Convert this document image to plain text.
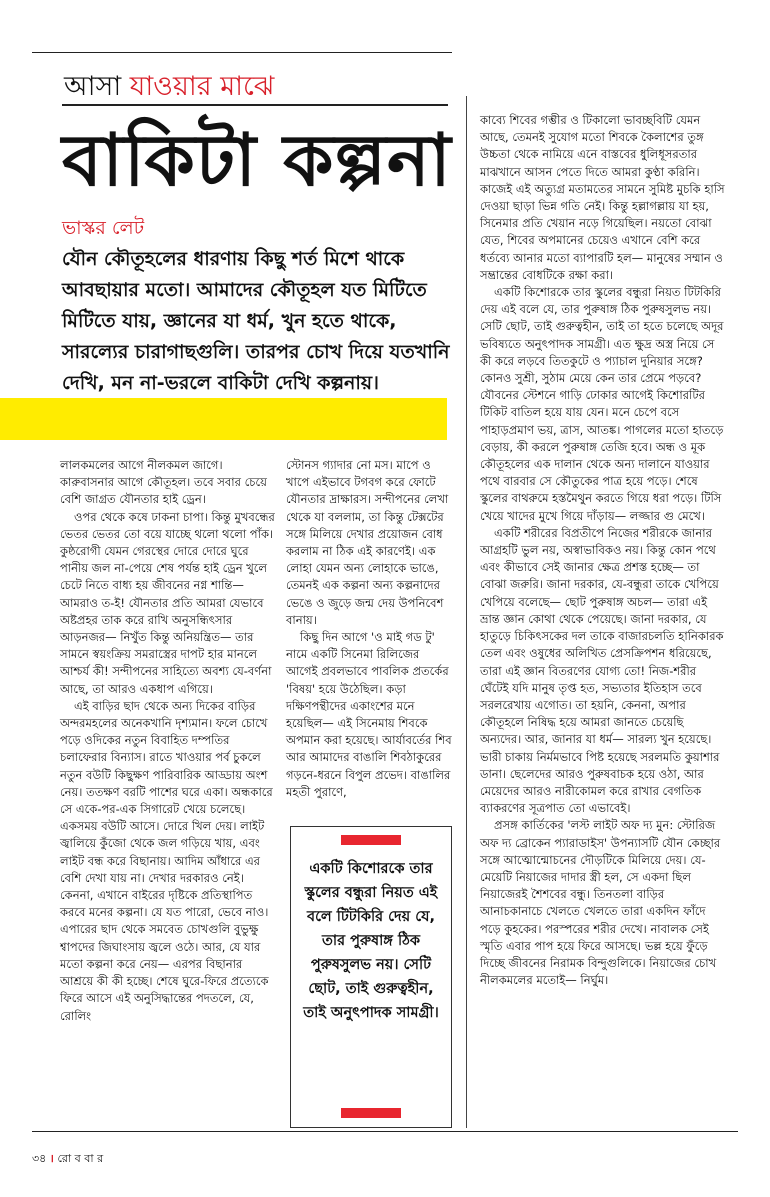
আসা যাওয়ার মাঝে
বাকিটা কল্পনা
ভাস্কর লেট
যৌন কৌতূহলের ধারণায় কিছু শর্ত মিশে থাকে আবছায়ার মতো। আমাদের কৌতূহল যত মিটিতে মিটিতে যায়, জ্ঞানের যা ধর্ম, খুন হতে থাকে, সারল্যের চারাগাছগুলি। তারপর চোখ দিয়ে যতখানি দেখি, মন না-ভরলে বাকিটা দেখি কল্পনায়।

লালকমলের আগে নীলকমল জাগে। কারুবাসনার আগে কৌতূহল। তবে সবার চেয়ে বেশি জাগ্রত যৌনতার হাই ড্রেন।

ওপর থেকে কষে ঢাকনা চাপা। কিন্তু মুখবন্ধের ভেতর ভেতর তো বয়ে যাচ্ছে থলো থলো পাঁক। কুষ্ঠরোগী যেমন গেরস্থের দোরে দোরে ঘুরে পানীয় জল না-পেয়ে শেষ পর্যন্ত হাই ড্রেন খুলে চেটে নিতে বাধ্য হয় জীবনের নগ্ন শান্তি— আমরাও ত-ই! যৌনতার প্রতি আমরা যেভাবে অষ্টপ্রহর তাক করে রাখি অনুসন্ধিৎসার আড়নজর— নিখুঁত কিন্তু অনিয়ন্ত্রিত— তার সামনে স্বয়ংক্রিয় সমরাস্ত্রের দাপট হার মানলে আশ্চর্য কী! সন্দীপনের সাহিত্যে অবশ্য যে-বর্ণনা আছে, তা আরও একধাপ এগিয়ে।

এই বাড়ির ছাদ থেকে অন্য দিকের বাড়ির অন্দরমহলের অনেকখানি দৃশ্যমান। ফলে চোখে পড়ে ওদিকের নতুন বিবাহিত দম্পতির চলাফেরার বিন্যাস। রাতে খাওয়ার পর্ব চুকলে নতুন বউটি কিছুক্ষণ পারিবারিক আড্ডায় অংশ নেয়। ততক্ষণ বরটি পাশের ঘরে একা। অন্ধকারে সে একে-পর-এক সিগারেট খেয়ে চলেছে। একসময় বউটি আসে। দোরে খিল দেয়। লাইট জ্বালিয়ে কুঁজো থেকে জল গড়িয়ে খায়, এবং লাইট বন্ধ করে বিছানায়। আদিম আঁধারে এর বেশি দেখা যায় না। দেখার দরকারও নেই। কেননা, এখানে বাইরের দৃষ্টিকে প্রতিস্থাপিত করবে মনের কল্পনা। যে যত পারো, ভেবে নাও। এপারের ছাদ থেকে সমবেত চোখগুলি বুভুক্ষু শ্বাপদের জিঘাংসায় জ্বলে ওঠে। আর, যে যার মতো কল্পনা করে নেয়— এরপর বিছানার আশ্রয়ে কী কী হচ্ছে। শেষে ঘুরে-ফিরে প্রত্যেকে ফিরে আসে এই অনুসিদ্ধান্তের পদতলে, যে, রোলিং

স্টোনস গ্যাদার নো মস। মাপে ও খাপে এইভাবে টগবগ করে ফোটে যৌনতার দ্রাক্ষারস। সন্দীপনের লেখা থেকে যা বললাম, তা কিন্তু টেক্সটের সঙ্গে মিলিয়ে দেখার প্রয়োজন বোধ করলাম না ঠিক এই কারণেই। এক লোহা যেমন অন্য লোহাকে ভাঙে, তেমনই এক কল্পনা অন্য কল্পনাদের ভেঙে ও জুড়ে জন্ম দেয় উপনিবেশ বানায়।

কিছু দিন আগে 'ও মাই গড টু' নামে একটি সিনেমা রিলিজের আগেই প্রবলভাবে পাবলিক প্রতর্কের 'বিষয়' হয়ে উঠেছিল। কড়া দক্ষিণপন্থীদের একাংশের মনে হয়েছিল— এই সিনেমায় শিবকে অপমান করা হয়েছে। আর্যাবর্তের শিব আর আমাদের বাঙালি শিবঠাকুরের গড়নে-ধরনে বিপুল প্রভেদ। বাঙালির মহতী পুরাণে,

একটি কিশোরকে তার স্কুলের বন্ধুরা নিয়ত এই বলে টিটকিরি দেয় যে, তার পুরুষাঙ্গ ঠিক পুরুষসুলভ নয়। সেটি ছোট, তাই গুরুত্বহীন, তাই অনুৎপাদক সামগ্রী।

কাব্যে শিবের গম্ভীর ও টিকালো ভাবচ্ছবিটি যেমন আছে, তেমনই সুযোগ মতো শিবকে কৈলাশের তুঙ্গ উচ্চতা থেকে নামিয়ে এনে বাস্তবের ধুলিধূসরতার মাঝখানে আসন পেতে দিতে আমরা কুণ্ঠা করিনি। কাজেই এই অত্যুগ্র মতামতের সামনে সুমিষ্ট মুচকি হাসি দেওয়া ছাড়া ভিন্ন গতি নেই। কিন্তু হল্লাগল্লায় যা হয়, সিনেমার প্রতি খেয়ান নড়ে গিয়েছিল। নয়তো বোঝা যেত, শিবের অপমানের চেয়েও এখানে বেশি করে ধর্তব্যে আনার মতো ব্যাপারটি হল— মানুষের সম্মান ও সম্ভ্রান্তের বোধটিকে রক্ষা করা।

একটি কিশোরকে তার স্কুলের বন্ধুরা নিয়ত টিটকিরি দেয় এই বলে যে, তার পুরুষাঙ্গ ঠিক পুরুষসুলভ নয়। সেটি ছোট, তাই গুরুত্বহীন, তাই তা হতে চলেছে অদূর ভবিষ্যতে অনুৎপাদক সামগ্রী। এত ক্ষুদ্র অস্ত্র নিয়ে সে কী করে লড়বে তিতকুটে ও প্যাচাল দুনিয়ার সঙ্গে? কোনও সুশ্রী, সুঠাম মেয়ে কেন তার প্রেমে পড়বে? যৌবনের স্টেশনে গাড়ি ঢোকার আগেই কিশোরটির টিকিট বাতিল হয়ে যায় যেন। মনে চেপে বসে পাহাড়প্রমাণ ভয়, ত্রাস, আতঙ্ক। পাগলের মতো হাতড়ে বেড়ায়, কী করলে পুরুষাঙ্গ তেজি হবে। অন্ধ ও মূক কৌতূহলের এক দালান থেকে অন্য দালানে যাওয়ার পথে বারবার সে কৌতুকের পাত্র হয়ে পড়ে। শেষে স্কুলের বাথরুমে হস্তমৈথুন করতে গিয়ে ধরা পড়ে। টিসি খেয়ে খাদের মুখে গিয়ে দাঁড়ায়— লজ্জার গু মেখে।

একটি শরীরের বিপ্রতীপে নিজের শরীরকে জানার আগ্রহটি ভুল নয়, অস্বাভাবিকও নয়। কিন্তু কোন পথে এবং কীভাবে সেই জানার ক্ষেত্র প্রশস্ত হচ্ছে— তা বোঝা জরুরি। জানা দরকার, যে-বন্ধুরা তাকে খেপিয়ে খেপিয়ে বলেছে— ছোট পুরুষাঙ্গ অচল— তারা এই ভ্রান্ত জ্ঞান কোথা থেকে পেয়েছে। জানা দরকার, যে হাতুড়ে চিকিৎসকের দল তাকে বাজারচলতি হানিকারক তেল এবং ওষুধের অলিখিত প্রেসক্রিপশন ধরিয়েছে, তারা এই জ্ঞান বিতরণের যোগ্য তো! নিজ-শরীর ঘেঁটেই যদি মানুষ তৃপ্ত হত, সভ্যতার ইতিহাস তবে সরলরেখায় এগোত। তা হয়নি, কেননা, অপার কৌতূহলে নিষিদ্ধ হয়ে আমরা জানতে চেয়েছি অন্যদের। আর, জানার যা ধর্ম— সারল্য খুন হয়েছে। ভারী চাকায় নির্মমভাবে পিষ্ট হয়েছে সরলমতি কুয়াশার ডানা। ছেলেদের আরও পুরুষবাচক হয়ে ওঠা, আর মেয়েদের আরও নারীকোমল করে রাখার বেগতিক ব্যাকরণের সূত্রপাত তো এভাবেই।

প্রসঙ্গ কার্তিকের 'লস্ট লাইট অফ দ্য মুন: স্টোরিজ অফ দ্য ব্রোকেন প্যারাডাইস' উপন্যাসটি যৌন কেচ্ছার সঙ্গে আত্মোন্মোচনের দৌড়টিকে মিলিয়ে দেয়। যে-মেয়েটি নিয়াজের দাদার স্ত্রী হল, সে একদা ছিল নিয়াজেরই শৈশবের বন্ধু। তিনতলা বাড়ির আনাচকানাচে খেলতে খেলতে তারা একদিন ফাঁদে পড়ে কুহকের। পরস্পরের শরীর দেখে। নাবালক সেই স্মৃতি এবার পাপ হয়ে ফিরে আসছে। ভল্ল হয়ে ফুঁড়ে দিচ্ছে জীবনের নিরামক বিন্দুগুলিকে। নিয়াজের চোখ নীলকমলের মতোই— নির্ঘুম।

৩৪ । রো ব বা র
